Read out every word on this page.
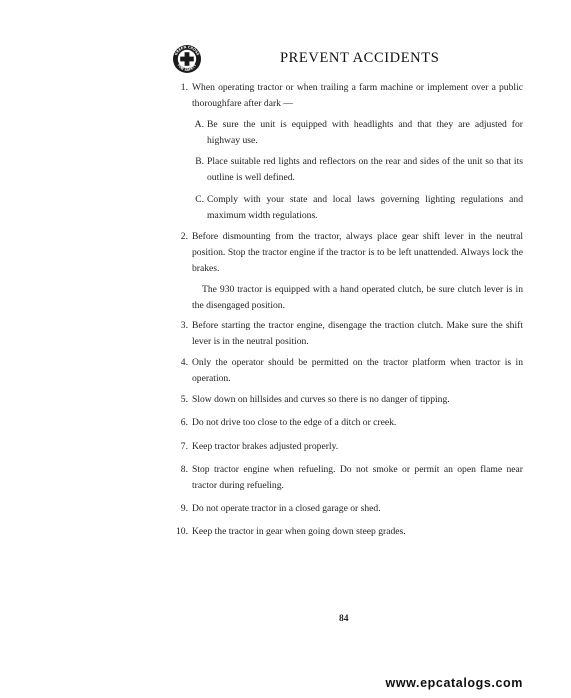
GREEN CROSS
FOR SAFETY	PREVENT ACCIDENTS
1. When operating tractor or when trailing a farm machine or implement over a public thoroughfare after dark —
A. Be sure the unit is equipped with headlights and that they are adjusted for highway use.
B. Place suitable red lights and reflectors on the rear and sides of the unit so that its outline is well defined.
C. Comply with your state and local laws governing lighting regulations and maximum width regulations.
2. Before dismounting from the tractor, always place gear shift lever in the neutral position. Stop the tractor engine if the tractor is to be left unattended. Always lock the brakes.
The 930 tractor is equipped with a hand operated clutch, be sure clutch lever is in the disengaged position.
3. Before starting the tractor engine, disengage the traction clutch. Make sure the shift lever is in the neutral position.
4. Only the operator should be permitted on the tractor platform when tractor is in operation.
5. Slow down on hillsides and curves so there is no danger of tipping.
6. Do not drive too close to the edge of a ditch or creek.
7. Keep tractor brakes adjusted properly.
8. Stop tractor engine when refueling. Do not smoke or permit an open flame near tractor during refueling.
9. Do not operate tractor in a closed garage or shed.
10. Keep the tractor in gear when going down steep grades.
84
www.epcatalogs.com
